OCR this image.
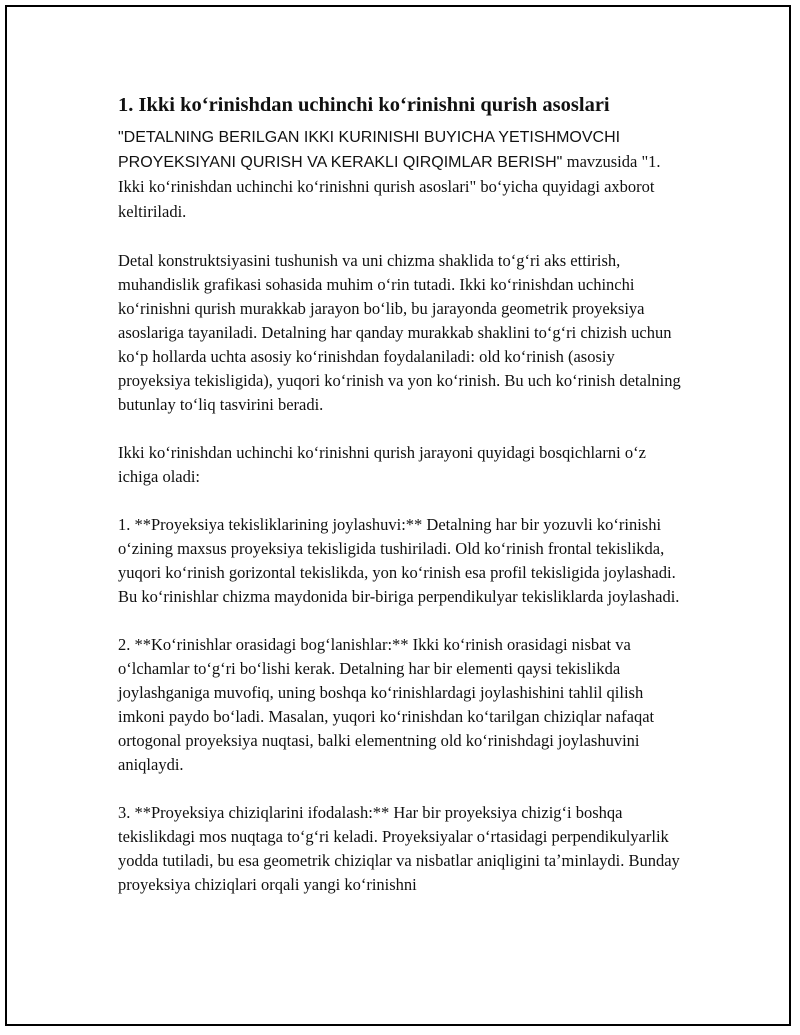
1. Ikki koʻrinishdan uchinchi koʻrinishni qurish asoslari

"DETALNING BERILGAN IKKI KURINISHI BUYICHA YETISHMOVCHI PROYEKSIYANI QURISH VA KERAKLI QIRQIMLAR BERISH" mavzusida "1. Ikki koʻrinishdan uchinchi koʻrinishni qurish asoslari" boʻyicha quyidagi axborot keltiriladi.

Detal konstruktsiyasini tushunish va uni chizma shaklida toʻgʻri aks ettirish, muhandislik grafikasi sohasida muhim oʻrin tutadi. Ikki koʻrinishdan uchinchi koʻrinishni qurish murakkab jarayon boʻlib, bu jarayonda geometrik proyeksiya asoslariga tayaniladi. Detalning har qanday murakkab shaklini toʻgʻri chizish uchun koʻp hollarda uchta asosiy koʻrinishdan foydalaniladi: old koʻrinish (asosiy proyeksiya tekisligida), yuqori koʻrinish va yon koʻrinish. Bu uch koʻrinish detalning butunlay toʻliq tasvirini beradi.

Ikki koʻrinishdan uchinchi koʻrinishni qurish jarayoni quyidagi bosqichlarni oʻz ichiga oladi:

1. **Proyeksiya tekisliklarining joylashuvi:** Detalning har bir yozuvli koʻrinishi oʻzining maxsus proyeksiya tekisligida tushiriladi. Old koʻrinish frontal tekislikda, yuqori koʻrinish gorizontal tekislikda, yon koʻrinish esa profil tekisligida joylashadi. Bu koʻrinishlar chizma maydonida bir-biriga perpendikulyar tekisliklarda joylashadi.

2. **Koʻrinishlar orasidagi bogʻlanishlar:** Ikki koʻrinish orasidagi nisbat va oʻlchamlar toʻgʻri boʻlishi kerak. Detalning har bir elementi qaysi tekislikda joylashganiga muvofiq, uning boshqa koʻrinishlardagi joylashishini tahlil qilish imkoni paydo boʻladi. Masalan, yuqori koʻrinishdan koʻtarilgan chiziqlar nafaqat ortogonal proyeksiya nuqtasi, balki elementning old koʻrinishdagi joylashuvini aniqlaydi.

3. **Proyeksiya chiziqlarini ifodalash:** Har bir proyeksiya chizigʻi boshqa tekislikdagi mos nuqtaga toʻgʻri keladi. Proyeksiyalar oʻrtasidagi perpendikulyarlik yodda tutiladi, bu esa geometrik chiziqlar va nisbatlar aniqligini taʼminlaydi. Bunday proyeksiya chiziqlari orqali yangi koʻrinishni
